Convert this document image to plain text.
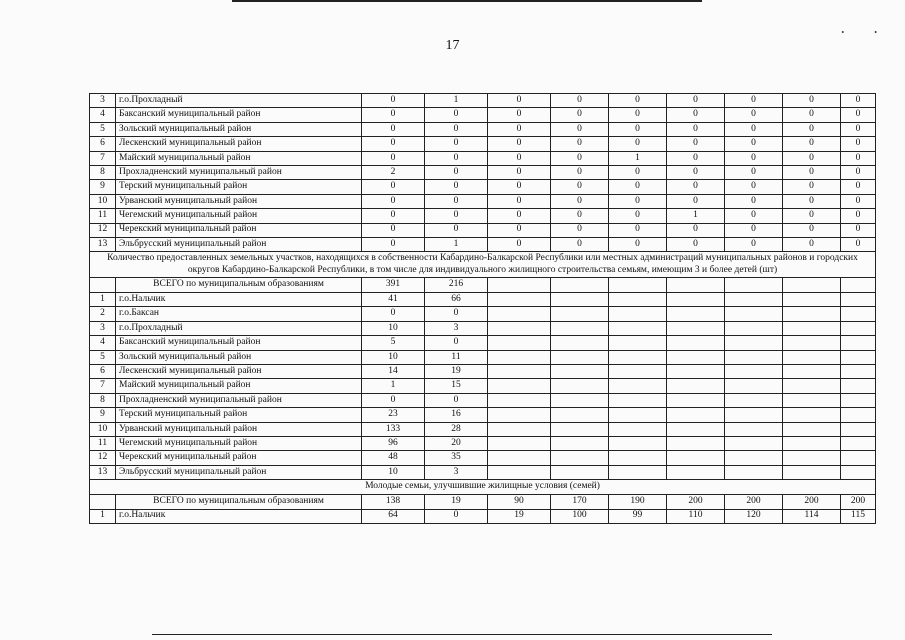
17
• •
3	г.о.Прохладный	0	1	0	0	0	0	0	0	0
4	Баксанский муниципальный район	0	0	0	0	0	0	0	0	0
5	Зольский муниципальный район	0	0	0	0	0	0	0	0	0
6	Лескенский муниципальный район	0	0	0	0	0	0	0	0	0
7	Майский муниципальный район	0	0	0	0	1	0	0	0	0
8	Прохладненский муниципальный район	2	0	0	0	0	0	0	0	0
9	Терский муниципальный район	0	0	0	0	0	0	0	0	0
10	Урванский муниципальный район	0	0	0	0	0	0	0	0	0
11	Чегемский муниципальный район	0	0	0	0	0	1	0	0	0
12	Черекский муниципальный район	0	0	0	0	0	0	0	0	0
13	Эльбрусский муниципальный район	0	1	0	0	0	0	0	0	0
Количество предоставленных земельных участков, находящихся в собственности Кабардино-Балкарской Республики или местных администраций муниципальных районов и городских округов Кабардино-Балкарской Республики, в том числе для индивидуального жилищного строительства семьям, имеющим 3 и более детей (шт)										
	ВСЕГО по муниципальным образованиям	391	216							
1	г.о.Нальчик	41	66							
2	г.о.Баксан	0	0							
3	г.о.Прохладный	10	3							
4	Баксанский муниципальный район	5	0							
5	Зольский муниципальный район	10	11							
6	Лескенский муниципальный район	14	19							
7	Майский муниципальный район	1	15							
8	Прохладненский муниципальный район	0	0							
9	Терский муниципальный район	23	16							
10	Урванский муниципальный район	133	28							
11	Чегемский муниципальный район	96	20							
12	Черекский муниципальный район	48	35							
13	Эльбрусский муниципальный район	10	3							
Молодые семьи, улучшившие жилищные условия (семей)										
	ВСЕГО по муниципальным образованиям	138	19	90	170	190	200	200	200	200
1	г.о.Нальчик	64	0	19	100	99	110	120	114	115
